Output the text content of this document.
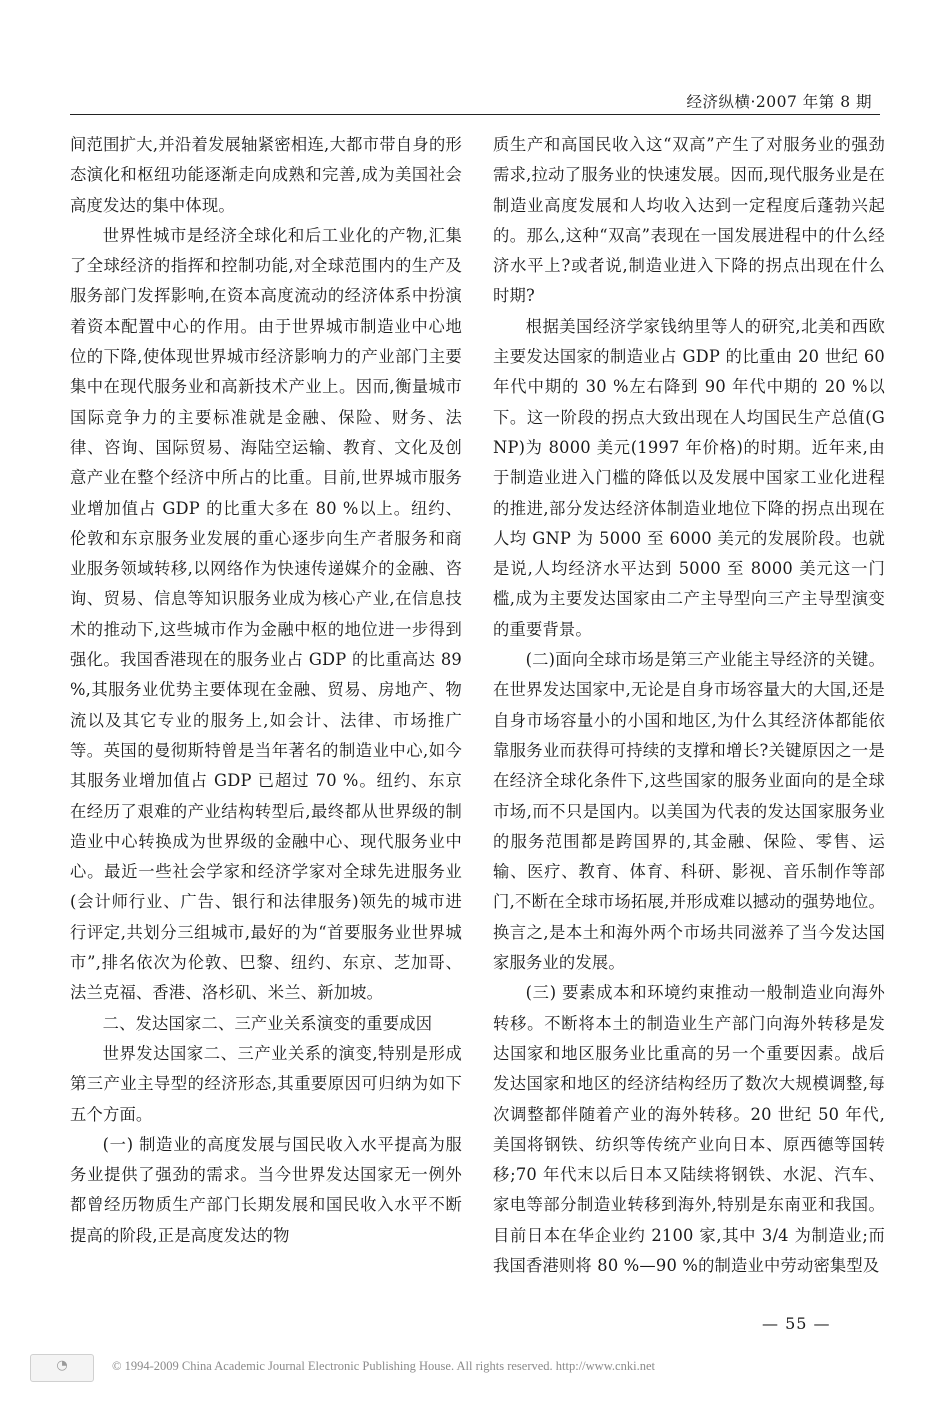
经济纵横·2007 年第 8 期

间范围扩大,并沿着发展轴紧密相连,大都市带自身的形态演化和枢纽功能逐渐走向成熟和完善,成为美国社会高度发达的集中体现。

世界性城市是经济全球化和后工业化的产物,汇集了全球经济的指挥和控制功能,对全球范围内的生产及服务部门发挥影响,在资本高度流动的经济体系中扮演着资本配置中心的作用。由于世界城市制造业中心地位的下降,使体现世界城市经济影响力的产业部门主要集中在现代服务业和高新技术产业上。因而,衡量城市国际竞争力的主要标准就是金融、保险、财务、法律、咨询、国际贸易、海陆空运输、教育、文化及创意产业在整个经济中所占的比重。目前,世界城市服务业增加值占 GDP 的比重大多在 80 %以上。纽约、伦敦和东京服务业发展的重心逐步向生产者服务和商业服务领域转移,以网络作为快速传递媒介的金融、咨询、贸易、信息等知识服务业成为核心产业,在信息技术的推动下,这些城市作为金融中枢的地位进一步得到强化。我国香港现在的服务业占 GDP 的比重高达 89 %,其服务业优势主要体现在金融、贸易、房地产、物流以及其它专业的服务上,如会计、法律、市场推广等。英国的曼彻斯特曾是当年著名的制造业中心,如今其服务业增加值占 GDP 已超过 70 %。纽约、东京在经历了艰难的产业结构转型后,最终都从世界级的制造业中心转换成为世界级的金融中心、现代服务业中心。最近一些社会学家和经济学家对全球先进服务业(会计师行业、广告、银行和法律服务)领先的城市进行评定,共划分三组城市,最好的为“首要服务业世界城市”,排名依次为伦敦、巴黎、纽约、东京、芝加哥、法兰克福、香港、洛杉矶、米兰、新加坡。

二、发达国家二、三产业关系演变的重要成因

世界发达国家二、三产业关系的演变,特别是形成第三产业主导型的经济形态,其重要原因可归纳为如下五个方面。

(一) 制造业的高度发展与国民收入水平提高为服务业提供了强劲的需求。当今世界发达国家无一例外都曾经历物质生产部门长期发展和国民收入水平不断提高的阶段,正是高度发达的物

质生产和高国民收入这“双高”产生了对服务业的强劲需求,拉动了服务业的快速发展。因而,现代服务业是在制造业高度发展和人均收入达到一定程度后蓬勃兴起的。那么,这种“双高”表现在一国发展进程中的什么经济水平上?或者说,制造业进入下降的拐点出现在什么时期?

根据美国经济学家钱纳里等人的研究,北美和西欧主要发达国家的制造业占 GDP 的比重由 20 世纪 60 年代中期的 30 %左右降到 90 年代中期的 20 %以下。这一阶段的拐点大致出现在人均国民生产总值(GNP)为 8000 美元(1997 年价格)的时期。近年来,由于制造业进入门槛的降低以及发展中国家工业化进程的推进,部分发达经济体制造业地位下降的拐点出现在人均 GNP 为 5000 至 6000 美元的发展阶段。也就是说,人均经济水平达到 5000 至 8000 美元这一门槛,成为主要发达国家由二产主导型向三产主导型演变的重要背景。

(二)面向全球市场是第三产业能主导经济的关键。在世界发达国家中,无论是自身市场容量大的大国,还是自身市场容量小的小国和地区,为什么其经济体都能依靠服务业而获得可持续的支撑和增长?关键原因之一是在经济全球化条件下,这些国家的服务业面向的是全球市场,而不只是国内。以美国为代表的发达国家服务业的服务范围都是跨国界的,其金融、保险、零售、运输、医疗、教育、体育、科研、影视、音乐制作等部门,不断在全球市场拓展,并形成难以撼动的强势地位。换言之,是本土和海外两个市场共同滋养了当今发达国家服务业的发展。

(三) 要素成本和环境约束推动一般制造业向海外转移。不断将本土的制造业生产部门向海外转移是发达国家和地区服务业比重高的另一个重要因素。战后发达国家和地区的经济结构经历了数次大规模调整,每次调整都伴随着产业的海外转移。20 世纪 50 年代,美国将钢铁、纺织等传统产业向日本、原西德等国转移;70 年代末以后日本又陆续将钢铁、水泥、汽车、家电等部分制造业转移到海外,特别是东南亚和我国。目前日本在华企业约 2100 家,其中 3/4 为制造业;而我国香港则将 80 %—90 %的制造业中劳动密集型及

— 55 —
◔	© 1994-2009 China Academic Journal Electronic Publishing House. All rights reserved. http://www.cnki.net
